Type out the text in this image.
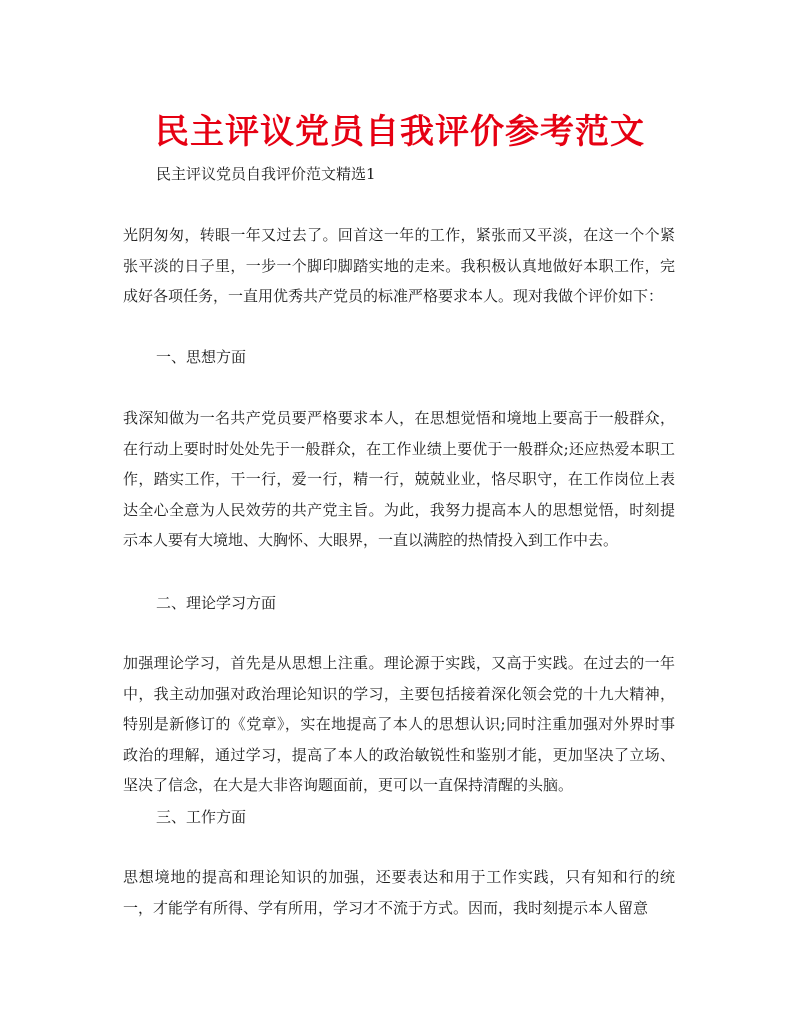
民主评议党员自我评价参考范文

民主评议党员自我评价范文精选1

光阴匆匆，转眼一年又过去了。回首这一年的工作，紧张而又平淡，在这一个个紧张平淡的日子里，一步一个脚印脚踏实地的走来。我积极认真地做好本职工作，完成好各项任务，一直用优秀共产党员的标准严格要求本人。现对我做个评价如下：

一、思想方面

我深知做为一名共产党员要严格要求本人，在思想觉悟和境地上要高于一般群众，在行动上要时时处处先于一般群众，在工作业绩上要优于一般群众;还应热爱本职工作，踏实工作，干一行，爱一行，精一行，兢兢业业，恪尽职守，在工作岗位上表达全心全意为人民效劳的共产党主旨。为此，我努力提高本人的思想觉悟，时刻提示本人要有大境地、大胸怀、大眼界，一直以满腔的热情投入到工作中去。

二、理论学习方面

加强理论学习，首先是从思想上注重。理论源于实践，又高于实践。在过去的一年中，我主动加强对政治理论知识的学习，主要包括接着深化领会党的十九大精神，特别是新修订的《党章》，实在地提高了本人的思想认识;同时注重加强对外界时事政治的理解，通过学习，提高了本人的政治敏锐性和鉴别才能，更加坚决了立场、坚决了信念，在大是大非咨询题面前，更可以一直保持清醒的头脑。

三、工作方面

思想境地的提高和理论知识的加强，还要表达和用于工作实践，只有知和行的统一，才能学有所得、学有所用，学习才不流于方式。因而，我时刻提示本人留意
